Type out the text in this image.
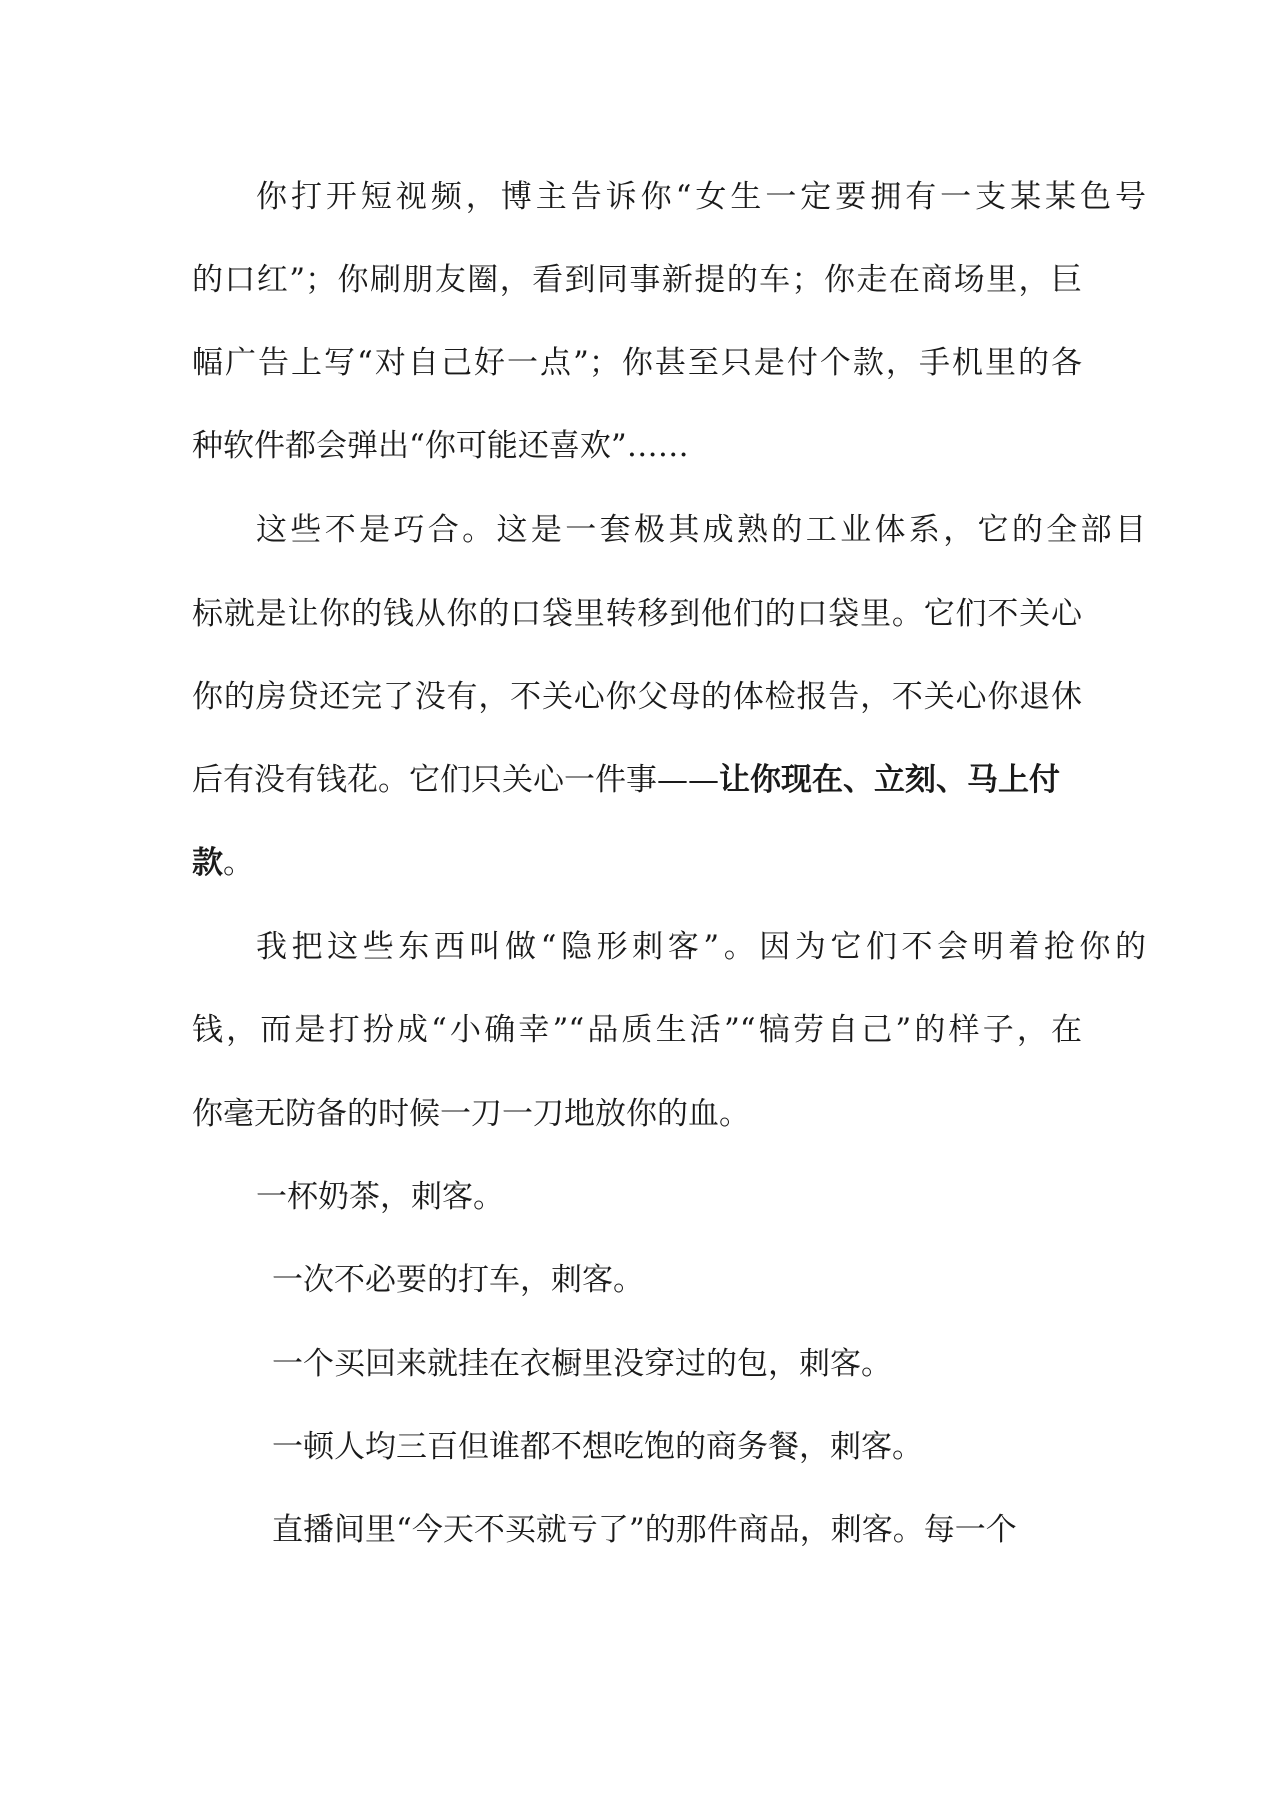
你打开短视频，博主告诉你“女生一定要拥有一支某某色号
的口红”；你刷朋友圈，看到同事新提的车；你走在商场里，巨
幅广告上写“对自己好一点”；你甚至只是付个款，手机里的各
种软件都会弹出“你可能还喜欢”……
这些不是巧合。这是一套极其成熟的工业体系，它的全部目
标就是让你的钱从你的口袋里转移到他们的口袋里。它们不关心
你的房贷还完了没有，不关心你父母的体检报告，不关心你退休
后有没有钱花。它们只关心一件事——让你现在、立刻、马上付
款。
我把这些东西叫做“隐形刺客”。因为它们不会明着抢你的
钱，而是打扮成“小确幸”“品质生活”“犒劳自己”的样子，在
你毫无防备的时候一刀一刀地放你的血。
一杯奶茶，刺客。
一次不必要的打车，刺客。
一个买回来就挂在衣橱里没穿过的包，刺客。
一顿人均三百但谁都不想吃饱的商务餐，刺客。
直播间里“今天不买就亏了”的那件商品，刺客。每一个
